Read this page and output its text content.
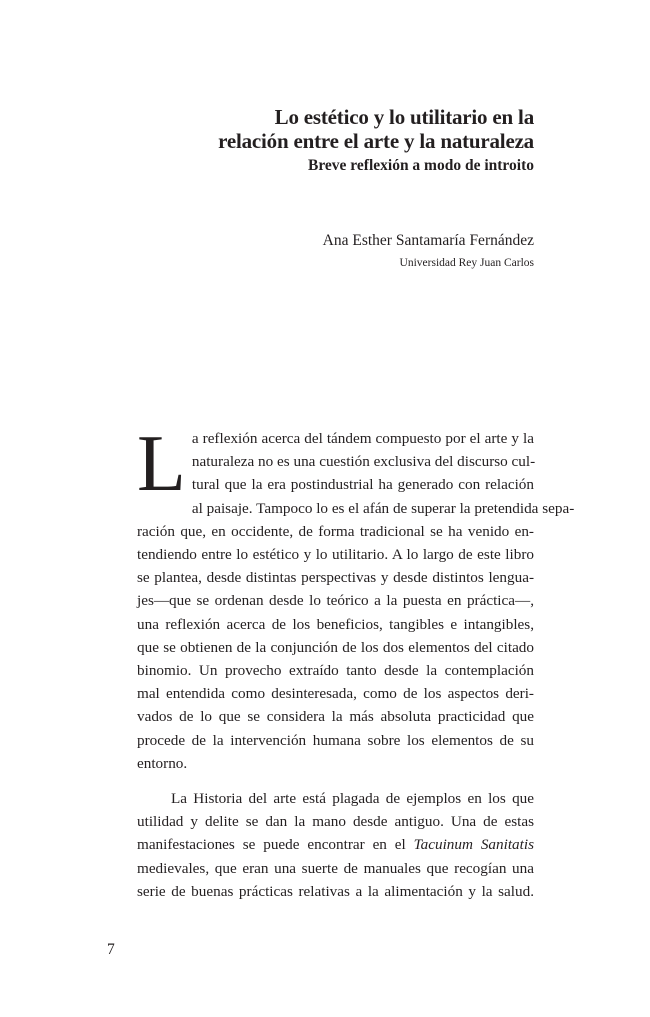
Lo estético y lo utilitario en la
relación entre el arte y la naturaleza
Breve reflexión a modo de introito
Ana Esther Santamaría Fernández
Universidad Rey Juan Carlos
L a reflexión acerca del tándem compuesto por el arte y la
naturaleza no es una cuestión exclusiva del discurso cul-
tural que la era postindustrial ha generado con relación
al paisaje. Tampoco lo es el afán de superar la pretendida sepa-
ración que, en occidente, de forma tradicional se ha venido en-
tendiendo entre lo estético y lo utilitario. A lo largo de este libro
se plantea, desde distintas perspectivas y desde distintos lengua-
jes—que se ordenan desde lo teórico a la puesta en práctica—,
una reflexión acerca de los beneficios, tangibles e intangibles,
que se obtienen de la conjunción de los dos elementos del citado
binomio. Un provecho extraído tanto desde la contemplación
mal entendida como desinteresada, como de los aspectos deri-
vados de lo que se considera la más absoluta practicidad que
procede de la intervención humana sobre los elementos de su
entorno.
La Historia del arte está plagada de ejemplos en los que
utilidad y delite se dan la mano desde antiguo. Una de estas
manifestaciones se puede encontrar en el Tacuinum Sanitatis
medievales, que eran una suerte de manuales que recogían una
serie de buenas prácticas relativas a la alimentación y la salud.
7
